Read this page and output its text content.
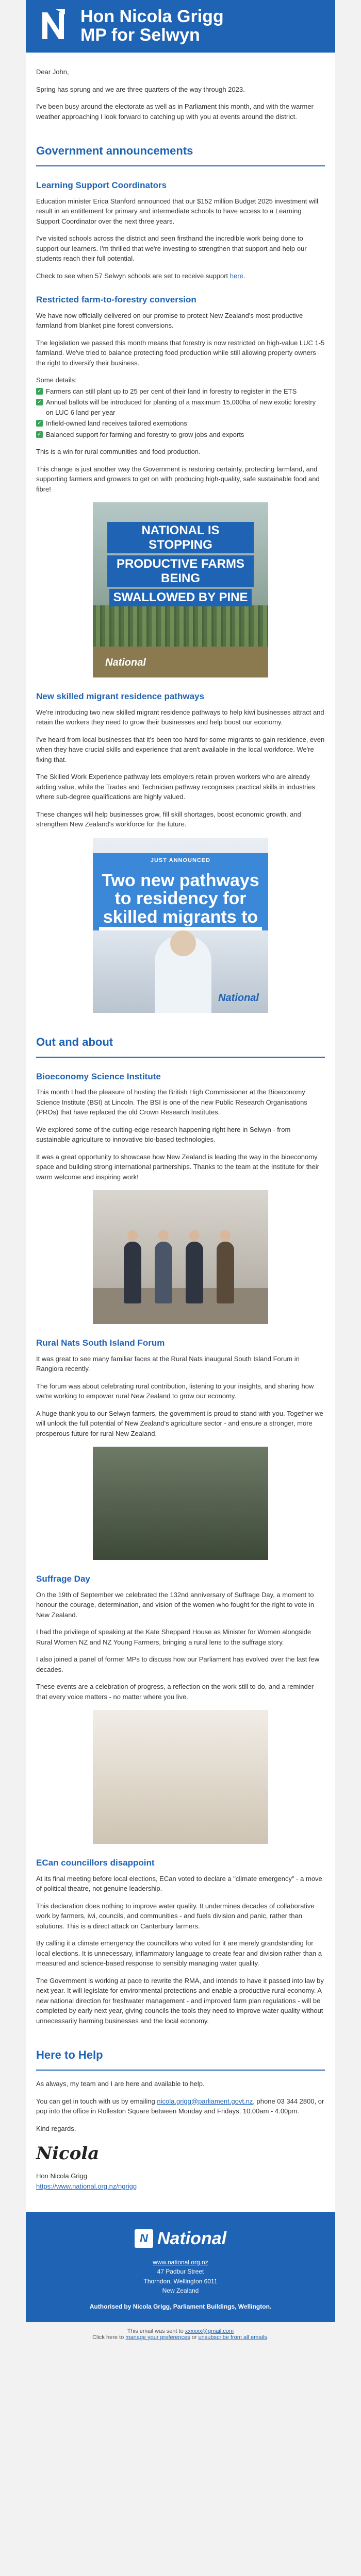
Hon Nicola Grigg
MP for Selwyn

Dear John,

Spring has sprung and we are three quarters of the way through 2023.

I've been busy around the electorate as well as in Parliament this month, and with the warmer weather approaching I look forward to catching up with you at events around the district.

Government announcements
Learning Support Coordinators

Education minister Erica Stanford announced that our $152 million Budget 2025 investment will result in an entitlement for primary and intermediate schools to have access to a Learning Support Coordinator over the next three years.

I've visited schools across the district and seen firsthand the incredible work being done to support our learners. I'm thrilled that we're investing to strengthen that support and help our students reach their full potential.

Check to see when 57 Selwyn schools are set to receive support here.

Restricted farm-to-forestry conversion

We have now officially delivered on our promise to protect New Zealand's most productive farmland from blanket pine forest conversions.

The legislation we passed this month means that forestry is now restricted on high-value LUC 1-5 farmland. We've tried to balance protecting food production while still allowing property owners the right to diversify their business.

Some details:

✓ Farmers can still plant up to 25 per cent of their land in forestry to register in the ETS
✓ Annual ballots will be introduced for planting of a maximum 15,000ha of new exotic forestry on LUC 6 land per year
✓ Infield-owned land receives tailored exemptions
✓ Balanced support for farming and forestry to grow jobs and exports

This is a win for rural communities and food production.

This change is just another way the Government is restoring certainty, protecting farmland, and supporting farmers and growers to get on with producing high-quality, safe sustainable food and fibre!

NATIONAL IS STOPPING
PRODUCTIVE FARMS BEING
SWALLOWED BY PINE
National
New skilled migrant residence pathways

We're introducing two new skilled migrant residence pathways to help kiwi businesses attract and retain the workers they need to grow their businesses and help boost our economy.

I've heard from local businesses that it's been too hard for some migrants to gain residence, even when they have crucial skills and experience that aren't available in the local workforce. We're fixing that.

The Skilled Work Experience pathway lets employers retain proven workers who are already adding value, while the Trades and Technician pathway recognises practical skills in industries where sub-degree qualifications are highly valued.

These changes will help businesses grow, fill skill shortages, boost economic growth, and strengthen New Zealand's workforce for the future.

JUST ANNOUNCED
Two new pathways
to residency for
skilled migrants to
National
Out and about
Bioeconomy Science Institute

This month I had the pleasure of hosting the British High Commissioner at the Bioeconomy Science Institute (BSI) at Lincoln. The BSI is one of the new Public Research Organisations (PROs) that have replaced the old Crown Research Institutes.

We explored some of the cutting-edge research happening right here in Selwyn - from sustainable agriculture to innovative bio-based technologies.

It was a great opportunity to showcase how New Zealand is leading the way in the bioeconomy space and building strong international partnerships. Thanks to the team at the Institute for their warm welcome and inspiring work!

Rural Nats South Island Forum

It was great to see many familiar faces at the Rural Nats inaugural South Island Forum in Rangiora recently.

The forum was about celebrating rural contribution, listening to your insights, and sharing how we're working to empower rural New Zealand to grow our economy.

A huge thank you to our Selwyn farmers, the government is proud to stand with you. Together we will unlock the full potential of New Zealand's agriculture sector - and ensure a stronger, more prosperous future for rural New Zealand.

Suffrage Day

On the 19th of September we celebrated the 132nd anniversary of Suffrage Day, a moment to honour the courage, determination, and vision of the women who fought for the right to vote in New Zealand.

I had the privilege of speaking at the Kate Sheppard House as Minister for Women alongside Rural Women NZ and NZ Young Farmers, bringing a rural lens to the suffrage story.

I also joined a panel of former MPs to discuss how our Parliament has evolved over the last few decades.

These events are a celebration of progress, a reflection on the work still to do, and a reminder that every voice matters - no matter where you live.

ECan councillors disappoint

At its final meeting before local elections, ECan voted to declare a "climate emergency" - a move of political theatre, not genuine leadership.

This declaration does nothing to improve water quality. It undermines decades of collaborative work by farmers, iwi, councils, and communities - and fuels division and panic, rather than solutions. This is a direct attack on Canterbury farmers.

By calling it a climate emergency the councillors who voted for it are merely grandstanding for local elections. It is unnecessary, inflammatory language to create fear and division rather than a measured and science-based response to sensibly managing water quality.

The Government is working at pace to rewrite the RMA, and intends to have it passed into law by next year. It will legislate for environmental protections and enable a productive rural economy. A new national direction for freshwater management - and improved farm plan regulations - will be completed by early next year, giving councils the tools they need to improve water quality without unnecessarily harming businesses and the local economy.

Here to Help

As always, my team and I are here and available to help.

You can get in touch with us by emailing nicola.grigg@parliament.govt.nz, phone 03 344 2800, or pop into the office in Rolleston Square between Monday and Fridays, 10.00am - 4.00pm.

Kind regards,

Nicola
Hon Nicola Grigg
https://www.national.org.nz/ngrigg
N National
www.national.org.nz
47 Padbur Street
Thorndon, Wellington 6011
New Zealand
Authorised by Nicola Grigg, Parliament Buildings, Wellington.
This email was sent to xxxxxx@gmail.com
Click here to manage your preferences or unsubscribe from all emails.
